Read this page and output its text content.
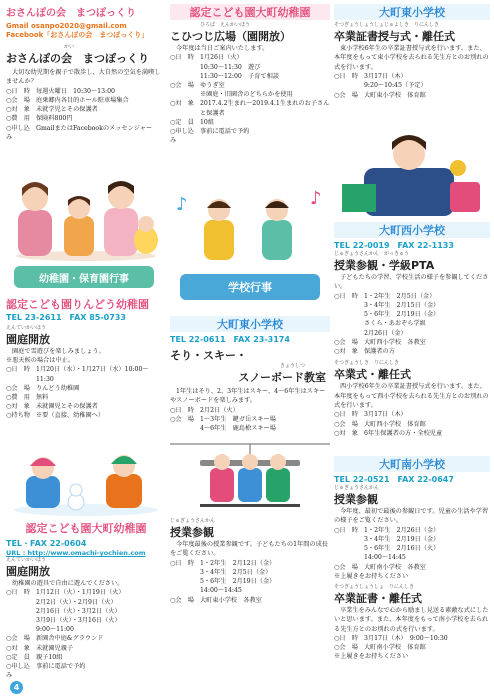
おさんぽの会　まつぽっくり
Gmail osanpo2020@gmail.com
Facebook「おさんぽの会　まつぽっくり」
かい
おさんぽの会　まつぽっくり
大切な幼児期を親子で散歩し、大自然の空気を満喫しませんか？
○日　時 毎週火曜日　10:30～13:00
○会　場 庭乗郷内各目的ホール駐車場集合
○対　象 未就学児とその保護者
○費　用 保険料800円
○申し込み
GmailまたはFacebookのメッセンジャー
幼稚園・保育園行事
認定こども園りんどう幼稚園
TEL 23-2611　FAX 85-0733
えんていかいほう
園庭開放
園庭で雪遊びを楽しみましょう。
※悪天候の場合は中止。
○日　時 1月20日（水）・1月27日（水）10:00～11:30
○会　場 りんどう幼稚園
○費　用 無料
○対　象 未就園児とその保護者
○持ち物 ※要（直接、幼稚園へ）
認定こども園大町幼稚園
TEL・FAX 22-0604
URL : http://www.omachi-yochien.com
えんていかいほう
園庭開放
幼稚園の遊具で自由に遊んでください。
○日　時 1月12日（火）・1月19日（火）
2月2日（火）・2月9日（火）
2月16日（火）・3月2日（火）
3月9日（火）・3月16日（火）
9:00～11:00
○会　場 新園舎中庭&グラウンド
○対　象 未就園児親子
○定　員 親子10組
○申し込み
事前に電話で予約
4
認定こども園大町幼稚園
ひろば　えんかいほう
こひつじ広場（園開放）
今年度は当日ご案内いたします。
○日　時 1月26日（火）
10:30～11:30　遊び
11:30～12:00　子育て相談
○会　場 ゆうぎ室
※園庭・旧園舎のどちらかを使用
○対　象 2017.4.2生まれ～2019.4.1生まれのお子さんと保護者
○定　員 10組
○申し込み
事前に電話で予約
♪	♪
学校行事
大町東小学校
TEL 22-0611　FAX 23-3174
そり・スキー・
きょうしつ
スノーボード教室
1年生はそり、2、3年生はスキー、4～6年生はスキーやスノーボードを楽しみます。
○日　時 2月2日（火）
○会　場 1～3年生　鍵ガ岳スキー場
4～6年生　鹿島槍スキー場
じゅぎょうさんかん
授業参観
今年度最後の授業参観です。子どもたちの1年間の成長をご覧ください。
○日　時 1・2年生　2月12日（金）
3・4年生　2月5日（金）
5・6年生　2月19日（金）
14:00～14:45
○会　場 大町東小学校　各教室
大町東小学校
そつぎょうしょうしょじゅよしき　りにんしき
卒業証書授与式・離任式
東小学校6年生の卒業証書授与式を行います。また、本年度をもって東小学校を去られる先生方とのお別れの式を行います。
○日　時 3月17日（木）
9:20～10:45（予定）
○会　場 大町東小学校　体育館
大町西小学校
TEL 22-0019　FAX 22-1133
じゅぎょうさんかん　がっきゅう
授業参観・学級PTA
子どもたちの学習、学校生活の様子を参観してください。
○日　時 1・2年生　2月5日（金）
3・4年生　2月15日（金）
5・6年生　2月19日（金）
さくら・あおぞら学級
2月26日（金）
○会　場 大町西小学校　各教室
○対　象 保護者の方
そつぎょうしき　りにんしき
卒業式・離任式
西小学校6年生の卒業証書授与式を行います。また、本年度をもって西小学校を去られる先生方とのお別れの式を行います。
○日　時 3月17日（木）
○会　場 大町西小学校　体育館
○対　象 6年生保護者の方・全校児童
大町南小学校
TEL 22-0521　FAX 22-0647
じゅぎょうさんかん
授業参観
今年度、最初で最後の参観日です。児童の生活や学習の様子をご覧ください。
○日　時 1・2年生　2月26日（金）
3・4年生　2月19日（金）
5・6年生　2月16日（火）
14:00～14:45
○会　場 大町南小学校　各教室
※上履きをお持ちください
そつぎょうしょうしょ　りにんしき
卒業証書・離任式
卒業生をみんなで心から励まし見送る素敵な式にしたいと思います。また、本年度をもって南小学校を去られる先生方とのお別れの式を行います。
○日　時 3月17日（木）　9:00～10:30
○会　場 大町南小学校　体育館
※上履きをお持ちください
